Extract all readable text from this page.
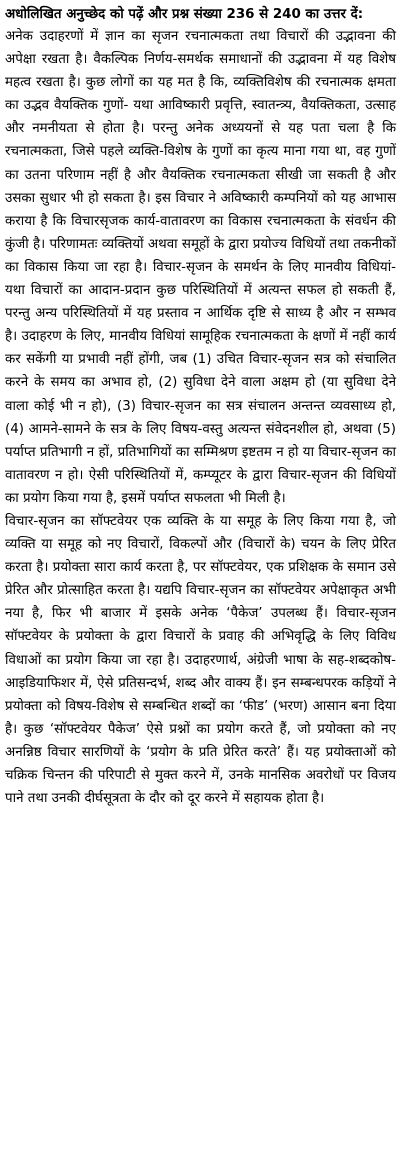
अधोलिखित अनुच्छेद को पढ़ें और प्रश्न संख्या 236 से 240 का उत्तर दें:

अनेक उदाहरणों में ज्ञान का सृजन रचनात्मकता तथा विचारों की उद्भावना की अपेक्षा रखता है। वैकल्पिक निर्णय-समर्थक समाधानों की उद्भावना में यह विशेष महत्व रखता है। कुछ लोगों का यह मत है कि, व्यक्तिविशेष की रचनात्मक क्षमता का उद्भव वैयक्तिक गुणों- यथा आविष्कारी प्रवृत्ति, स्वातन्त्र्य, वैयक्तिकता, उत्साह और नमनीयता से होता है। परन्तु अनेक अध्ययनों से यह पता चला है कि रचनात्मकता, जिसे पहले व्यक्ति-विशेष के गुणों का कृत्य माना गया था, वह गुणों का उतना परिणाम नहीं है और वैयक्तिक रचनात्मकता सीखी जा सकती है और उसका सुधार भी हो सकता है। इस विचार ने अविष्कारी कम्पनियों को यह आभास कराया है कि विचारसृजक कार्य-वातावरण का विकास रचनात्मकता के संवर्धन की कुंजी है। परिणामतः व्यक्तियों अथवा समूहों के द्वारा प्रयोज्य विधियों तथा तकनीकों का विकास किया जा रहा है। विचार-सृजन के समर्थन के लिए मानवीय विधियां-यथा विचारों का आदान-प्रदान कुछ परिस्थितियों में अत्यन्त सफल हो सकती हैं, परन्तु अन्य परिस्थितियों में यह प्रस्ताव न आर्थिक दृष्टि से साध्य है और न सम्भव है। उदाहरण के लिए, मानवीय विधियां सामूहिक रचनात्मकता के क्षणों में नहीं कार्य कर सकेंगी या प्रभावी नहीं होंगी, जब (1) उचित विचार-सृजन सत्र को संचालित करने के समय का अभाव हो, (2) सुविधा देने वाला अक्षम हो (या सुविधा देने वाला कोई भी न हो), (3) विचार-सृजन का सत्र संचालन अन्तन्त व्यवसाध्य हो, (4) आमने-सामने के सत्र के लिए विषय-वस्तु अत्यन्त संवेदनशील हो, अथवा (5) पर्याप्त प्रतिभागी न हों, प्रतिभागियों का सम्मिश्रण इष्टतम न हो या विचार-सृजन का वातावरण न हो। ऐसी परिस्थितियों में, कम्प्यूटर के द्वारा विचार-सृजन की विधियों का प्रयोग किया गया है, इसमें पर्याप्त सफलता भी मिली है।

विचार-सृजन का सॉफ्टवेयर एक व्यक्ति के या समूह के लिए किया गया है, जो व्यक्ति या समूह को नए विचारों, विकल्पों और (विचारों के) चयन के लिए प्रेरित करता है। प्रयोक्ता सारा कार्य करता है, पर सॉफ्टवेयर, एक प्रशिक्षक के समान उसे प्रेरित और प्रोत्साहित करता है। यद्यपि विचार-सृजन का सॉफ्टवेयर अपेक्षाकृत अभी नया है, फिर भी बाजार में इसके अनेक ‘पैकेज’ उपलब्ध हैं। विचार-सृजन सॉफ्टवेयर के प्रयोक्ता के द्वारा विचारों के प्रवाह की अभिवृद्धि के लिए विविध विधाओं का प्रयोग किया जा रहा है। उदाहरणार्थ, अंग्रेजी भाषा के सह-शब्दकोष- आइडियाफिशर में, ऐसे प्रतिसन्दर्भ, शब्द और वाक्य हैं। इन सम्बन्धपरक कड़ियों ने प्रयोक्ता को विषय-विशेष से सम्बन्धित शब्दों का ‘फीड’ (भरण) आसान बना दिया है। कुछ ‘सॉफ्टवेयर पैकेज’ ऐसे प्रश्नों का प्रयोग करते हैं, जो प्रयोक्ता को नए अनन्निष्ठ विचार सारणियों के ‘प्रयोग के प्रति प्रेरित करते’ हैं। यह प्रयोक्ताओं को चक्रिक चिन्तन की परिपाटी से मुक्त करने में, उनके मानसिक अवरोधों पर विजय पाने तथा उनकी दीर्घसूत्रता के दौर को दूर करने में सहायक होता है।
